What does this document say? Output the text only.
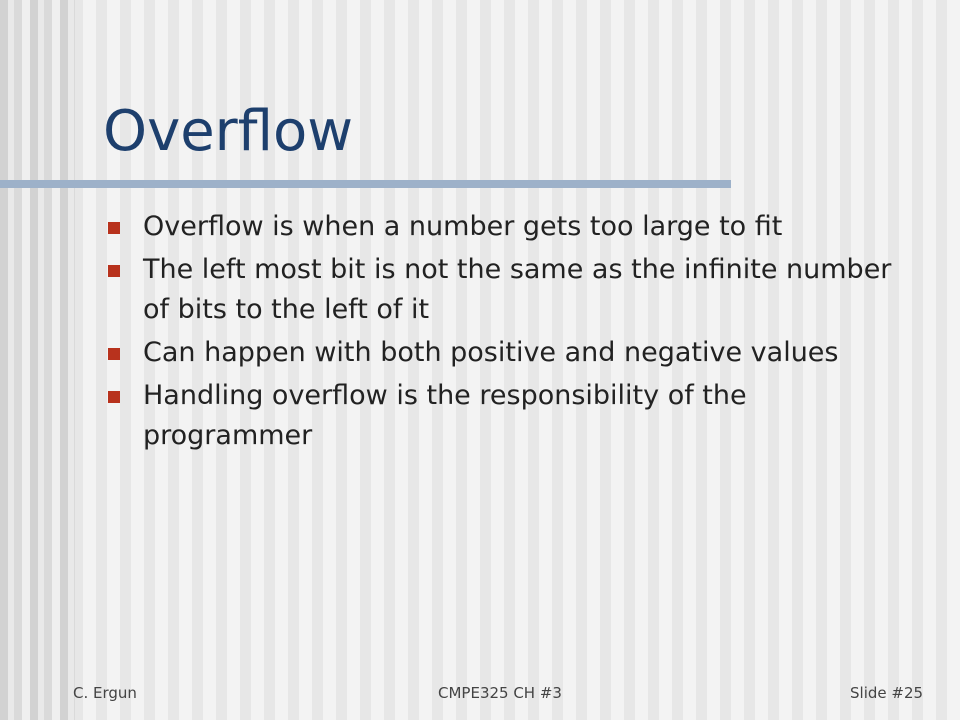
Overflow
Overflow is when a number gets too large to fit
The left most bit is not the same as the infinite number of bits to the left of it
Can happen with both positive and negative values
Handling overflow is the responsibility of the programmer
C. Ergun	CMPE325 CH #3	Slide #25
